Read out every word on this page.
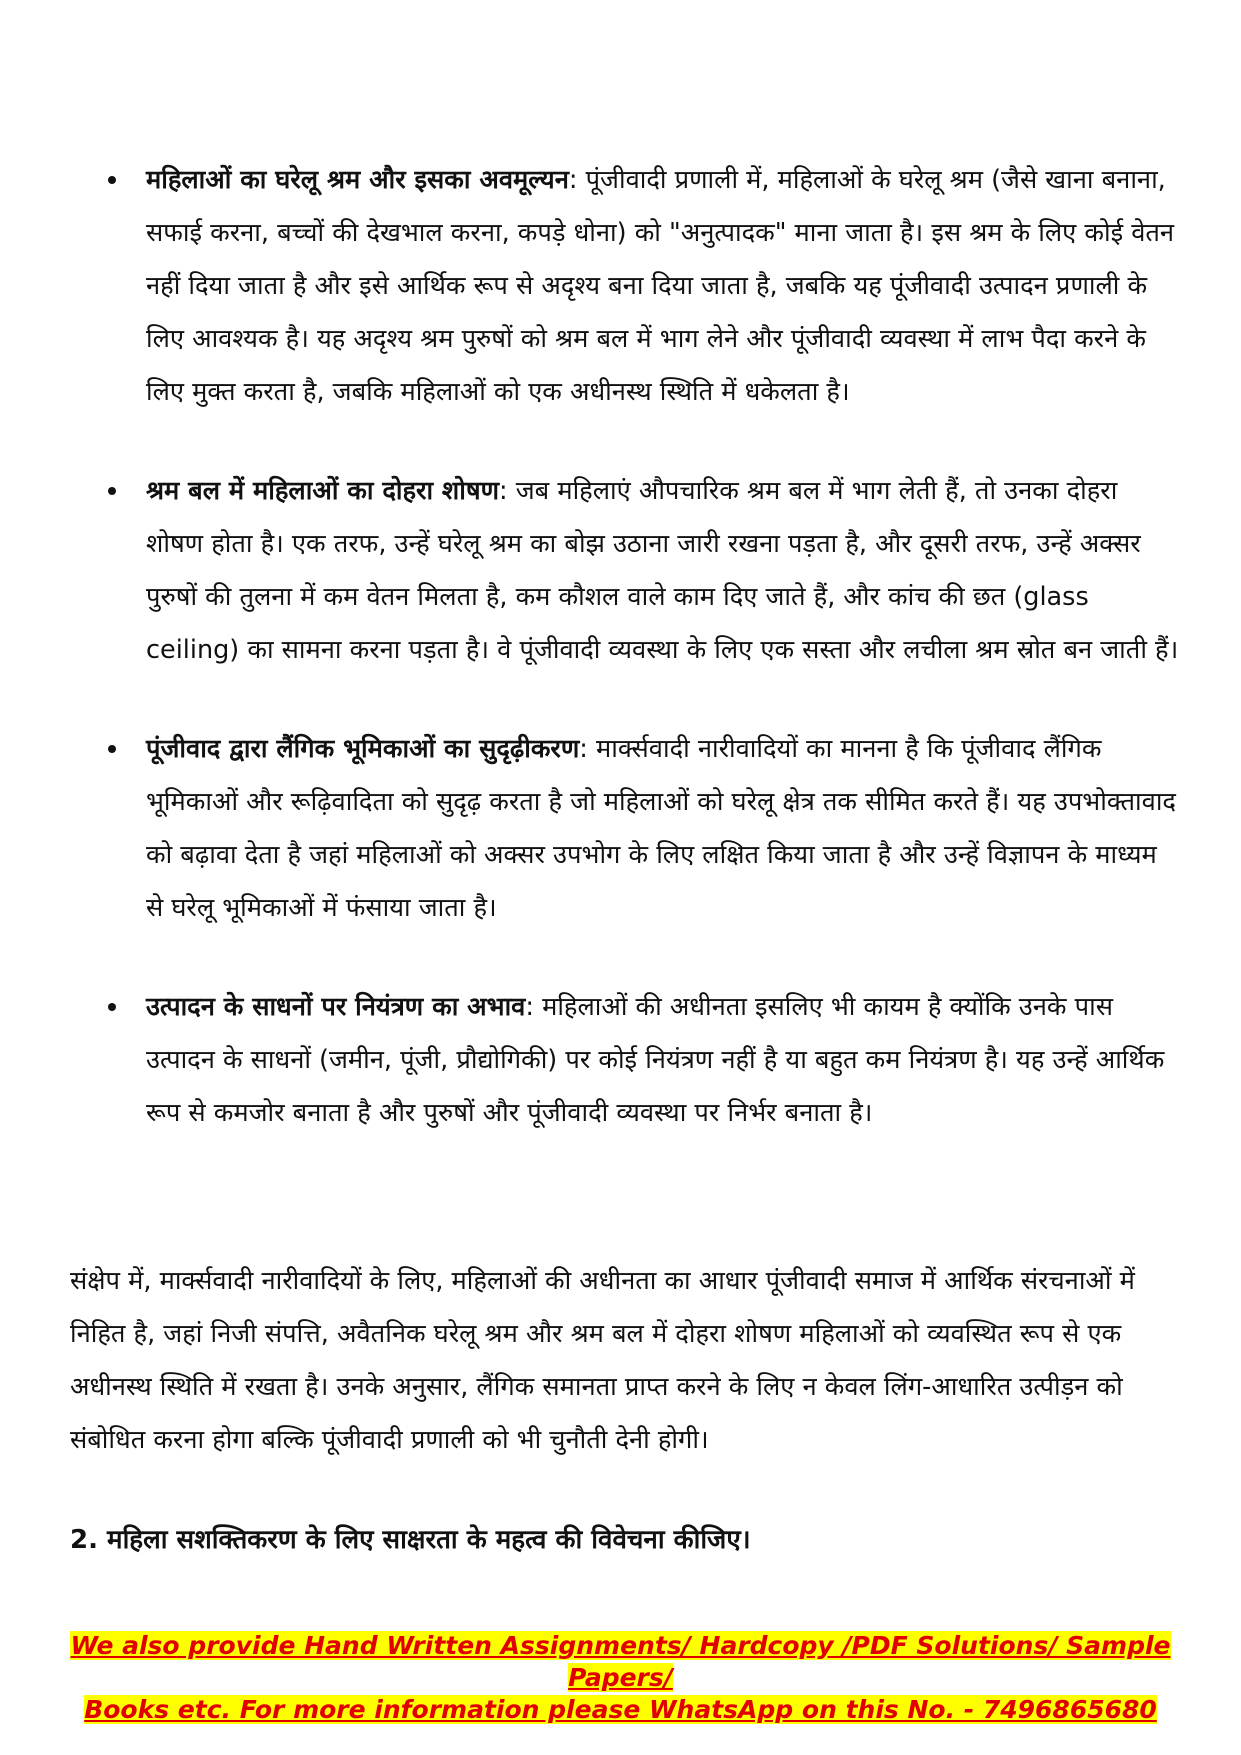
महिलाओं का घरेलू श्रम और इसका अवमूल्यन: पूंजीवादी प्रणाली में, महिलाओं के घरेलू श्रम (जैसे खाना बनाना, सफाई करना, बच्चों की देखभाल करना, कपड़े धोना) को "अनुत्पादक" माना जाता है। इस श्रम के लिए कोई वेतन नहीं दिया जाता है और इसे आर्थिक रूप से अदृश्य बना दिया जाता है, जबकि यह पूंजीवादी उत्पादन प्रणाली के लिए आवश्यक है। यह अदृश्य श्रम पुरुषों को श्रम बल में भाग लेने और पूंजीवादी व्यवस्था में लाभ पैदा करने के लिए मुक्त करता है, जबकि महिलाओं को एक अधीनस्थ स्थिति में धकेलता है।
श्रम बल में महिलाओं का दोहरा शोषण: जब महिलाएं औपचारिक श्रम बल में भाग लेती हैं, तो उनका दोहरा शोषण होता है। एक तरफ, उन्हें घरेलू श्रम का बोझ उठाना जारी रखना पड़ता है, और दूसरी तरफ, उन्हें अक्सर पुरुषों की तुलना में कम वेतन मिलता है, कम कौशल वाले काम दिए जाते हैं, और कांच की छत (glass ceiling) का सामना करना पड़ता है। वे पूंजीवादी व्यवस्था के लिए एक सस्ता और लचीला श्रम स्रोत बन जाती हैं।
पूंजीवाद द्वारा लैंगिक भूमिकाओं का सुदृढ़ीकरण: मार्क्सवादी नारीवादियों का मानना है कि पूंजीवाद लैंगिक भूमिकाओं और रूढ़िवादिता को सुदृढ़ करता है जो महिलाओं को घरेलू क्षेत्र तक सीमित करते हैं। यह उपभोक्तावाद को बढ़ावा देता है जहां महिलाओं को अक्सर उपभोग के लिए लक्षित किया जाता है और उन्हें विज्ञापन के माध्यम से घरेलू भूमिकाओं में फंसाया जाता है।
उत्पादन के साधनों पर नियंत्रण का अभाव: महिलाओं की अधीनता इसलिए भी कायम है क्योंकि उनके पास उत्पादन के साधनों (जमीन, पूंजी, प्रौद्योगिकी) पर कोई नियंत्रण नहीं है या बहुत कम नियंत्रण है। यह उन्हें आर्थिक रूप से कमजोर बनाता है और पुरुषों और पूंजीवादी व्यवस्था पर निर्भर बनाता है।

संक्षेप में, मार्क्सवादी नारीवादियों के लिए, महिलाओं की अधीनता का आधार पूंजीवादी समाज में आर्थिक संरचनाओं में निहित है, जहां निजी संपत्ति, अवैतनिक घरेलू श्रम और श्रम बल में दोहरा शोषण महिलाओं को व्यवस्थित रूप से एक अधीनस्थ स्थिति में रखता है। उनके अनुसार, लैंगिक समानता प्राप्त करने के लिए न केवल लिंग-आधारित उत्पीड़न को संबोधित करना होगा बल्कि पूंजीवादी प्रणाली को भी चुनौती देनी होगी।

2. महिला सशक्तिकरण के लिए साक्षरता के महत्व की विवेचना कीजिए।

We also provide Hand Written Assignments/ Hardcopy /PDF Solutions/ Sample Papers/
Books etc. For more information please WhatsApp on this No. - 7496865680
